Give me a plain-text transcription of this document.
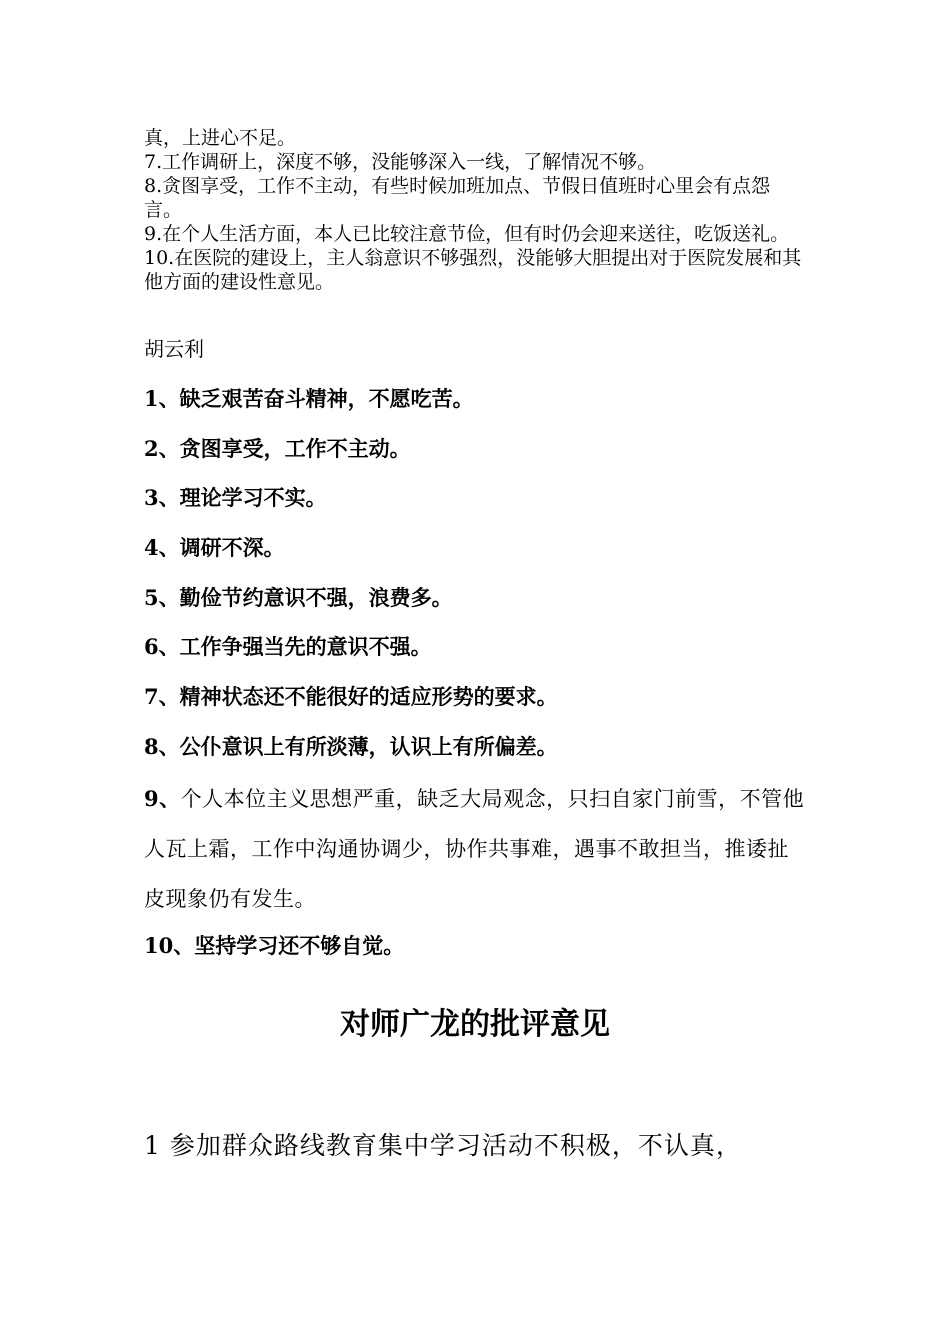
真，上进心不足。

7.工作调研上，深度不够，没能够深入一线，了解情况不够。

8.贪图享受，工作不主动，有些时候加班加点、节假日值班时心里会有点怨言。

9.在个人生活方面，本人已比较注意节俭，但有时仍会迎来送往，吃饭送礼。

10.在医院的建设上，主人翁意识不够强烈，没能够大胆提出对于医院发展和其他方面的建设性意见。

胡云利
1、缺乏艰苦奋斗精神，不愿吃苦。
2、贪图享受，工作不主动。
3、理论学习不实。
4、调研不深。
5、勤俭节约意识不强，浪费多。
6、工作争强当先的意识不强。
7、精神状态还不能很好的适应形势的要求。
8、公仆意识上有所淡薄，认识上有所偏差。
9、个人本位主义思想严重，缺乏大局观念，只扫自家门前雪，不管他人瓦上霜，工作中沟通协调少，协作共事难，遇事不敢担当，推诿扯皮现象仍有发生。
10、坚持学习还不够自觉。
对师广龙的批评意见
1 参加群众路线教育集中学习活动不积极，不认真，
